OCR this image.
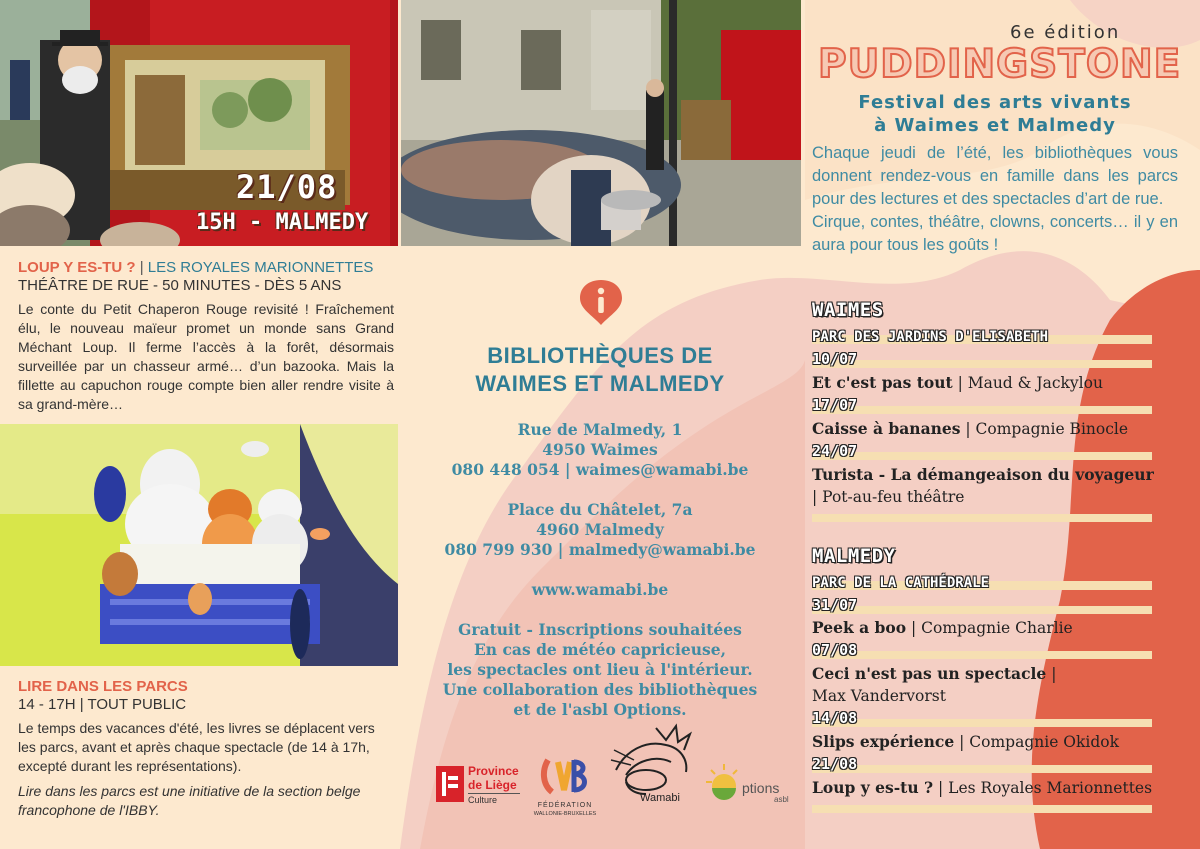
21/08
15H - MALMEDY
LOUP Y ES-TU ? | LES ROYALES MARIONNETTES
THÉÂTRE DE RUE - 50 MINUTES - DÈS 5 ANS
Le conte du Petit Chaperon Rouge revisité ! Fraîchement élu, le nouveau maïeur promet un monde sans Grand Méchant Loup. Il ferme l’accès à la forêt, désormais surveillée par un chasseur armé… d’un bazooka. Mais la fillette au capuchon rouge compte bien aller rendre visite à sa grand-mère…
LIRE DANS LES PARCS
14 - 17H | TOUT PUBLIC
Le temps des vacances d'été, les livres se déplacent vers les parcs, avant et après chaque spectacle (de 14 à 17h, excepté durant les représentations).
Lire dans les parcs est une initiative de la section belge francophone de l'IBBY.
BIBLIOTHÈQUES DE
WAIMES ET MALMEDY
Rue de Malmedy, 1
4950 Waimes
080 448 054 | waimes@wamabi.be
Place du Châtelet, 7a
4960 Malmedy
080 799 930 | malmedy@wamabi.be
www.wamabi.be
Gratuit - Inscriptions souhaitées
En cas de météo capricieuse,
les spectacles ont lieu à l'intérieur.
Une collaboration des bibliothèques
et de l'asbl Options.
Province
de Liège
Culture
FÉDÉRATION
WALLONIE-BRUXELLES
Wamabi
ptions
asbl
6e édition
PUDDINGSTONE
Festival des arts vivants
à Waimes et Malmedy

Chaque jeudi de l’été, les bibliothèques vous donnent rendez-vous en famille dans les parcs pour des lectures et des spectacles d’art de rue.

Cirque, contes, théâtre, clowns, concerts… il y en aura pour tous les goûts !

WAIMES
PARC DES JARDINS D'ELISABETH
10/07
Et c'est pas tout | Maud & Jackylou
17/07
Caisse à bananes | Compagnie Binocle
24/07
Turista - La démangeaison du voyageur | Pot-au-feu théâtre
MALMEDY
PARC DE LA CATHÉDRALE
31/07
Peek a boo | Compagnie Charlie
07/08
Ceci n'est pas un spectacle | Max Vandervorst
14/08
Slips expérience | Compagnie Okidok
21/08
Loup y es-tu ? | Les Royales Marionnettes
